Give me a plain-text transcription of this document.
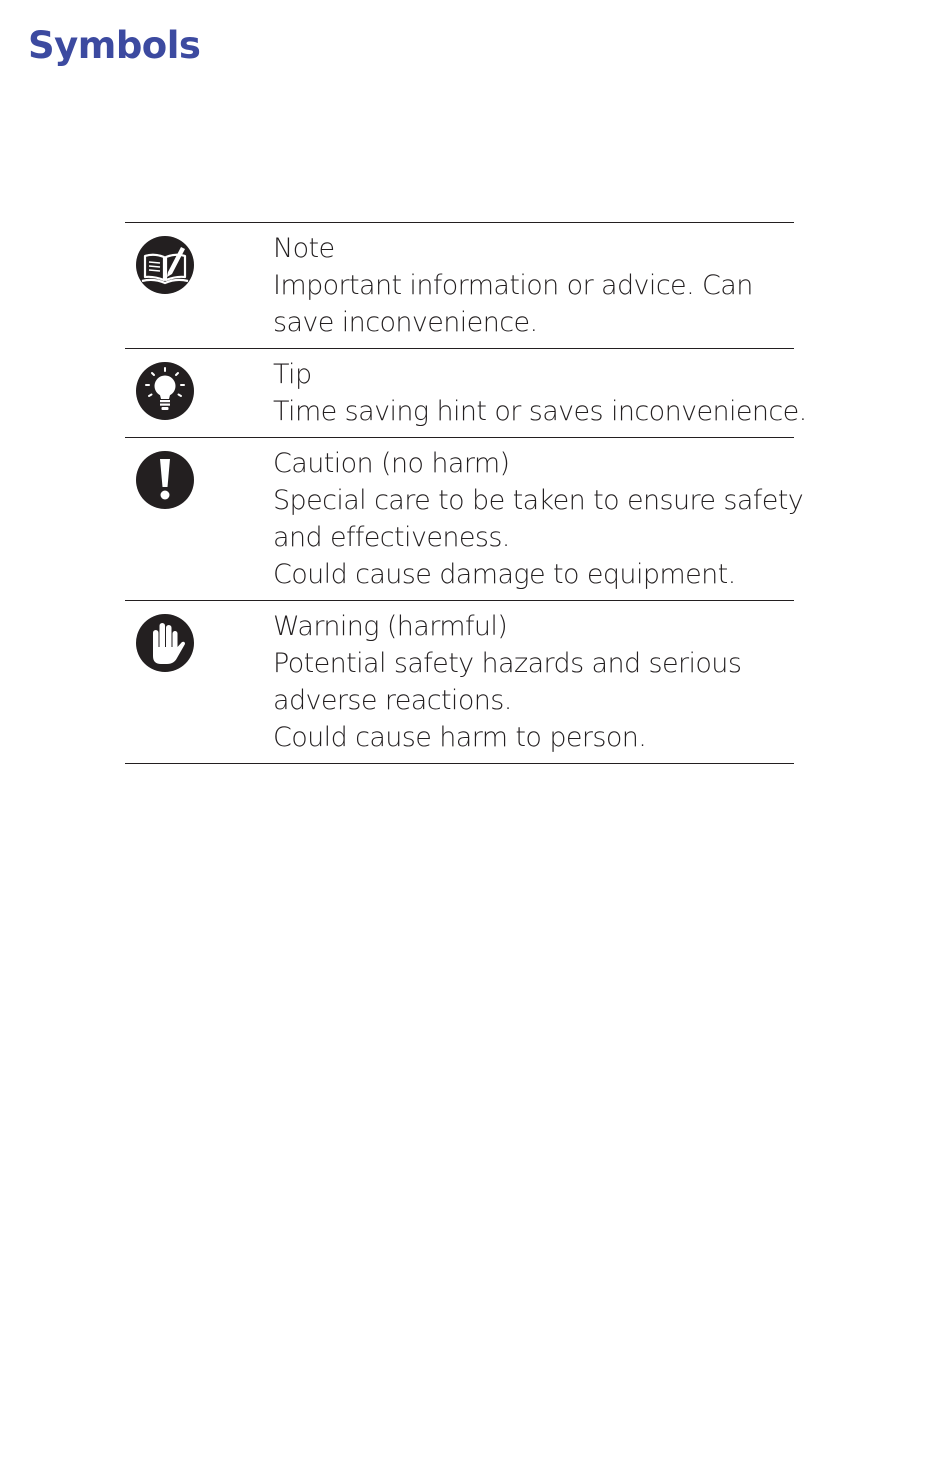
Symbols
Note
Important information or advice. Can
save inconvenience.
Tip
Time saving hint or saves inconvenience.
Caution (no harm)
Special care to be taken to ensure safety
and effectiveness.
Could cause damage to equipment.
Warning (harmful)
Potential safety hazards and serious
adverse reactions.
Could cause harm to person.
